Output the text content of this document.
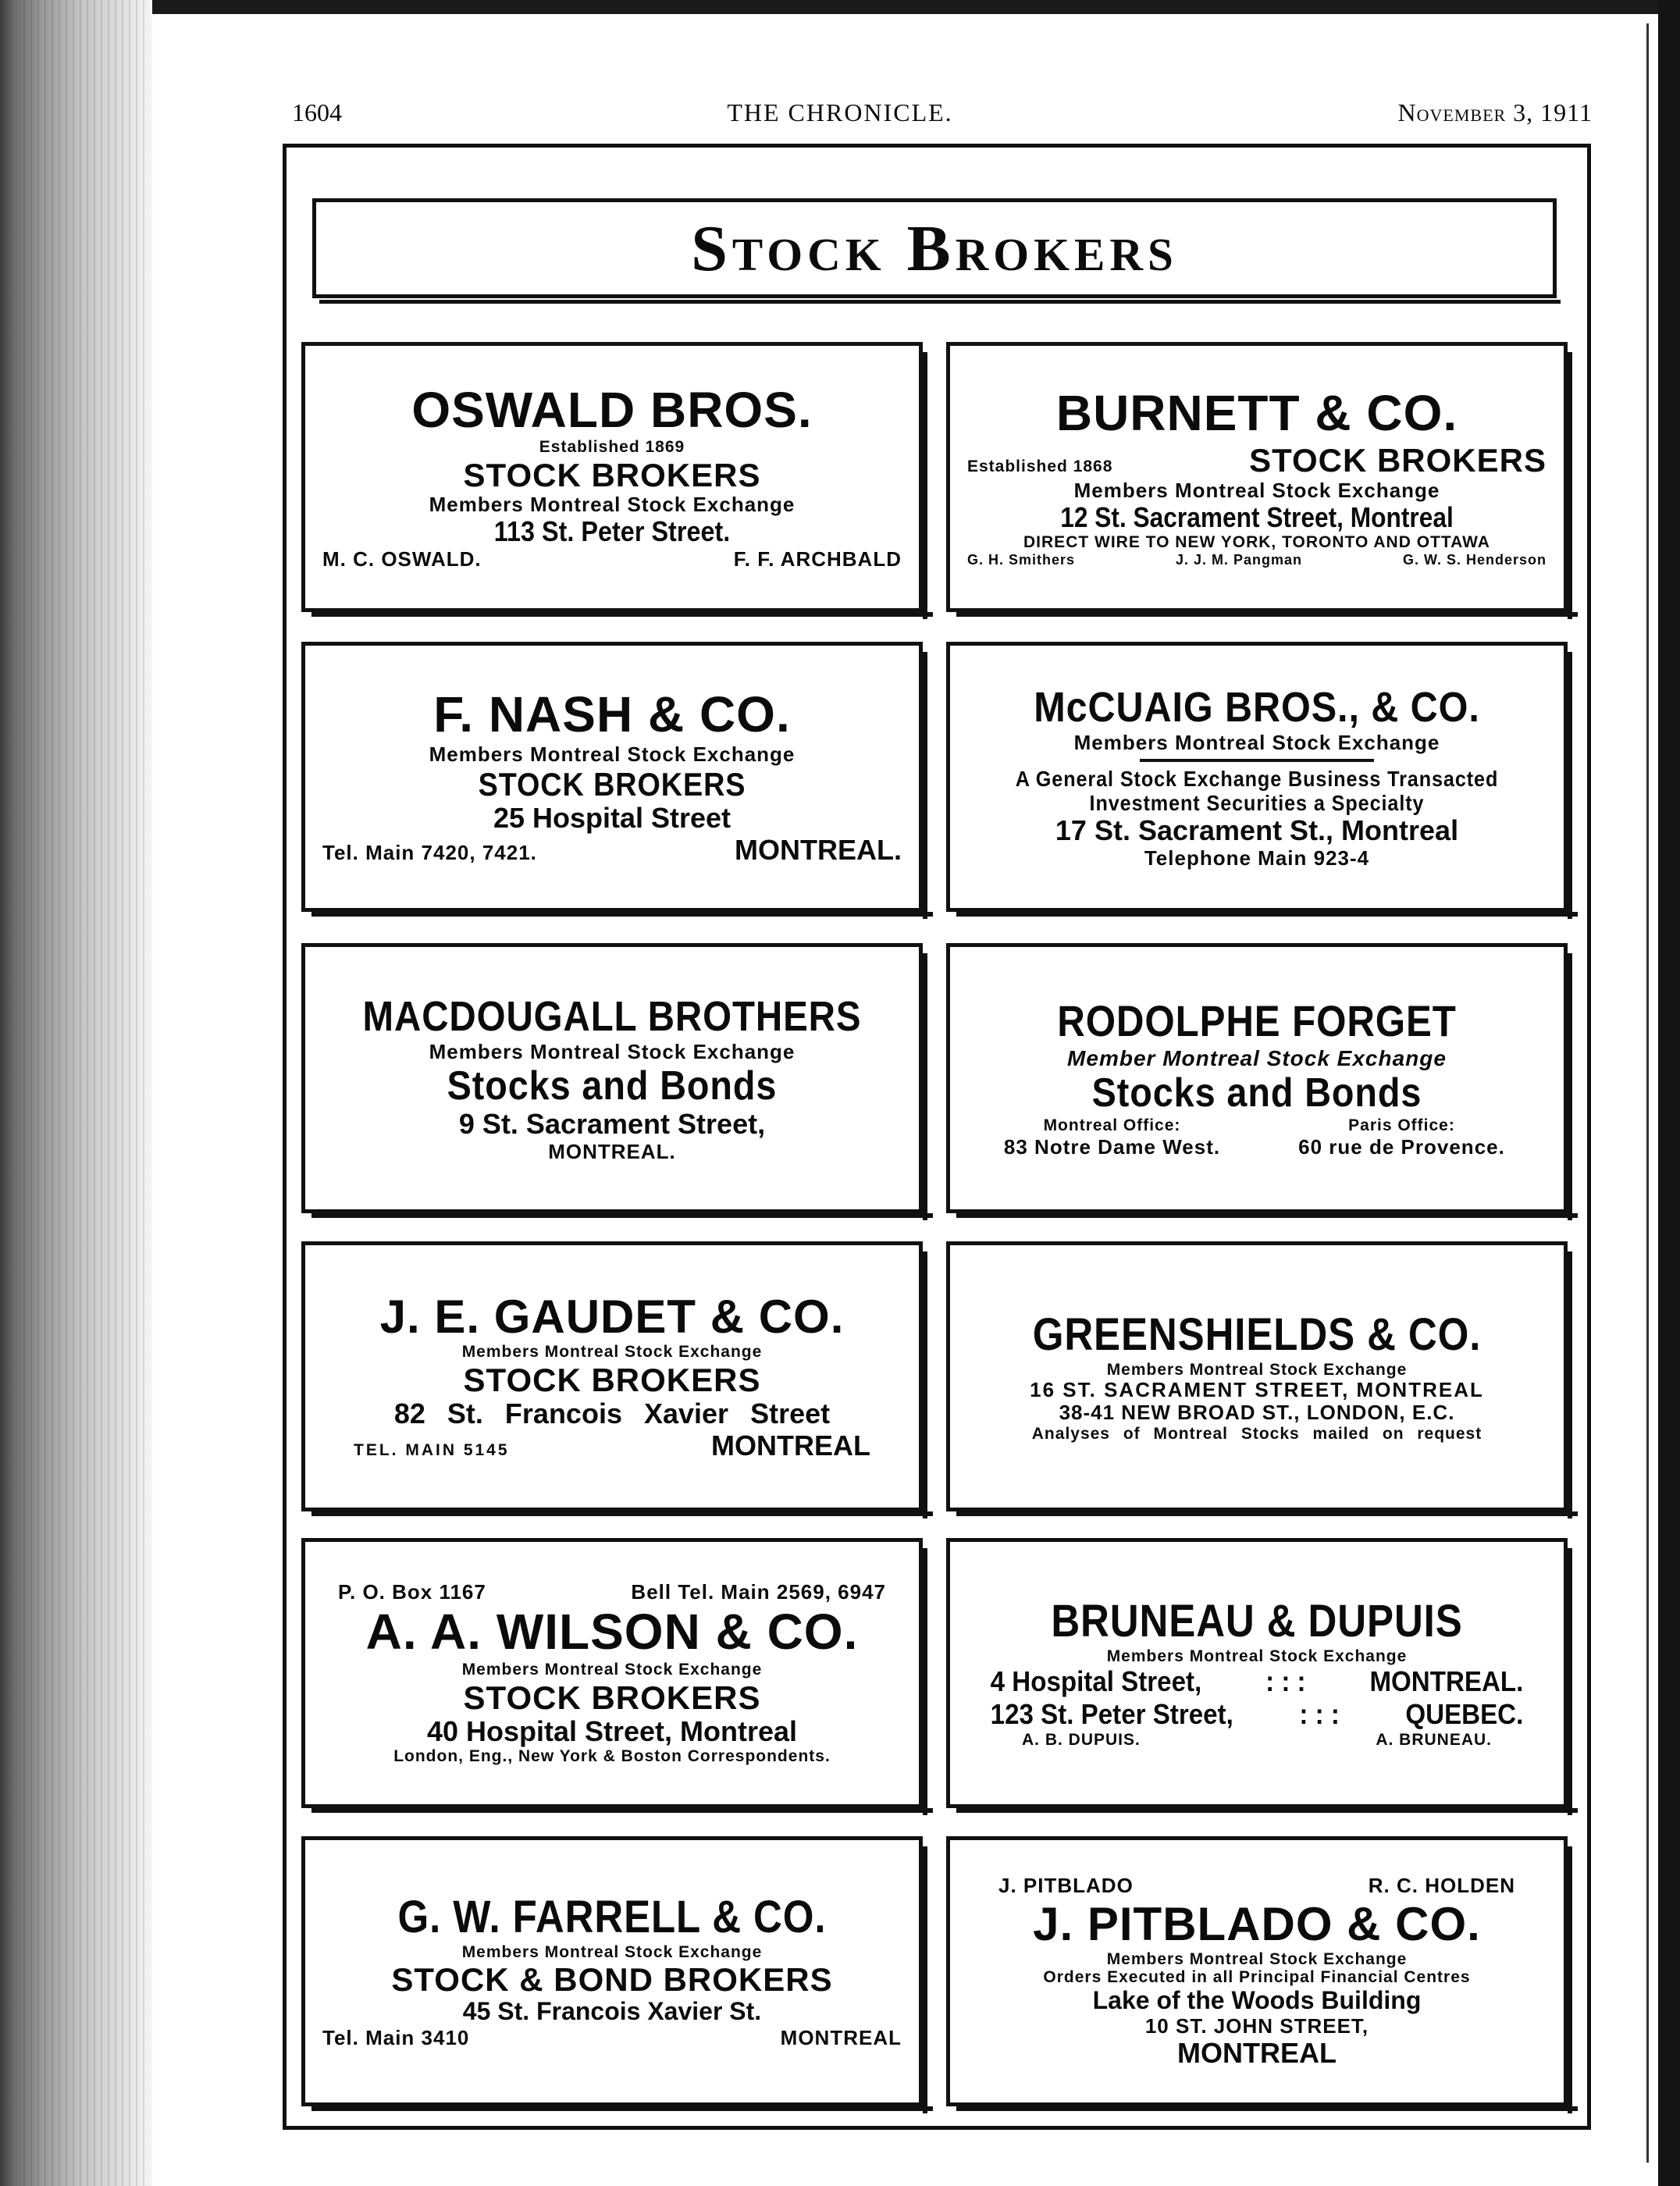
1604	THE CHRONICLE.	November 3, 1911
Stock Brokers
OSWALD BROS.
Established 1869
STOCK BROKERS
Members Montreal Stock Exchange
113 St. Peter Street.
M. C. OSWALD.	F. F. ARCHBALD
BURNETT & CO.
Established 1868	STOCK BROKERS
Members Montreal Stock Exchange
12 St. Sacrament Street, Montreal
DIRECT WIRE TO NEW YORK, TORONTO AND OTTAWA
G. H. Smithers	J. J. M. Pangman	G. W. S. Henderson
F. NASH & CO.
Members Montreal Stock Exchange
STOCK BROKERS
25 Hospital Street
Tel. Main 7420, 7421.	MONTREAL.
McCUAIG BROS., & CO.
Members Montreal Stock Exchange
A General Stock Exchange Business Transacted
Investment Securities a Specialty
17 St. Sacrament St., Montreal
Telephone Main 923-4
MACDOUGALL BROTHERS
Members Montreal Stock Exchange
Stocks and Bonds
9 St. Sacrament Street,
MONTREAL.
RODOLPHE FORGET
Member Montreal Stock Exchange
Stocks and Bonds
Montreal Office:	Paris Office:
83 Notre Dame West.	60 rue de Provence.
J. E. GAUDET & CO.
Members Montreal Stock Exchange
STOCK BROKERS
82 St. Francois Xavier Street
TEL. MAIN 5145	MONTREAL
GREENSHIELDS & CO.
Members Montreal Stock Exchange
16 ST. SACRAMENT STREET, MONTREAL
38-41 NEW BROAD ST., LONDON, E.C.
Analyses of Montreal Stocks mailed on request
P. O. Box 1167	Bell Tel. Main 2569, 6947
A. A. WILSON & CO.
Members Montreal Stock Exchange
STOCK BROKERS
40 Hospital Street, Montreal
London, Eng., New York & Boston Correspondents.
BRUNEAU & DUPUIS
Members Montreal Stock Exchange
4 Hospital Street, : : : MONTREAL.
123 St. Peter Street, : : : QUEBEC.
A. B. DUPUIS.	A. BRUNEAU.
G. W. FARRELL & CO.
Members Montreal Stock Exchange
STOCK & BOND BROKERS
45 St. Francois Xavier St.
Tel. Main 3410	MONTREAL
J. PITBLADO	R. C. HOLDEN
J. PITBLADO & CO.
Members Montreal Stock Exchange
Orders Executed in all Principal Financial Centres
Lake of the Woods Building
10 ST. JOHN STREET,
MONTREAL
